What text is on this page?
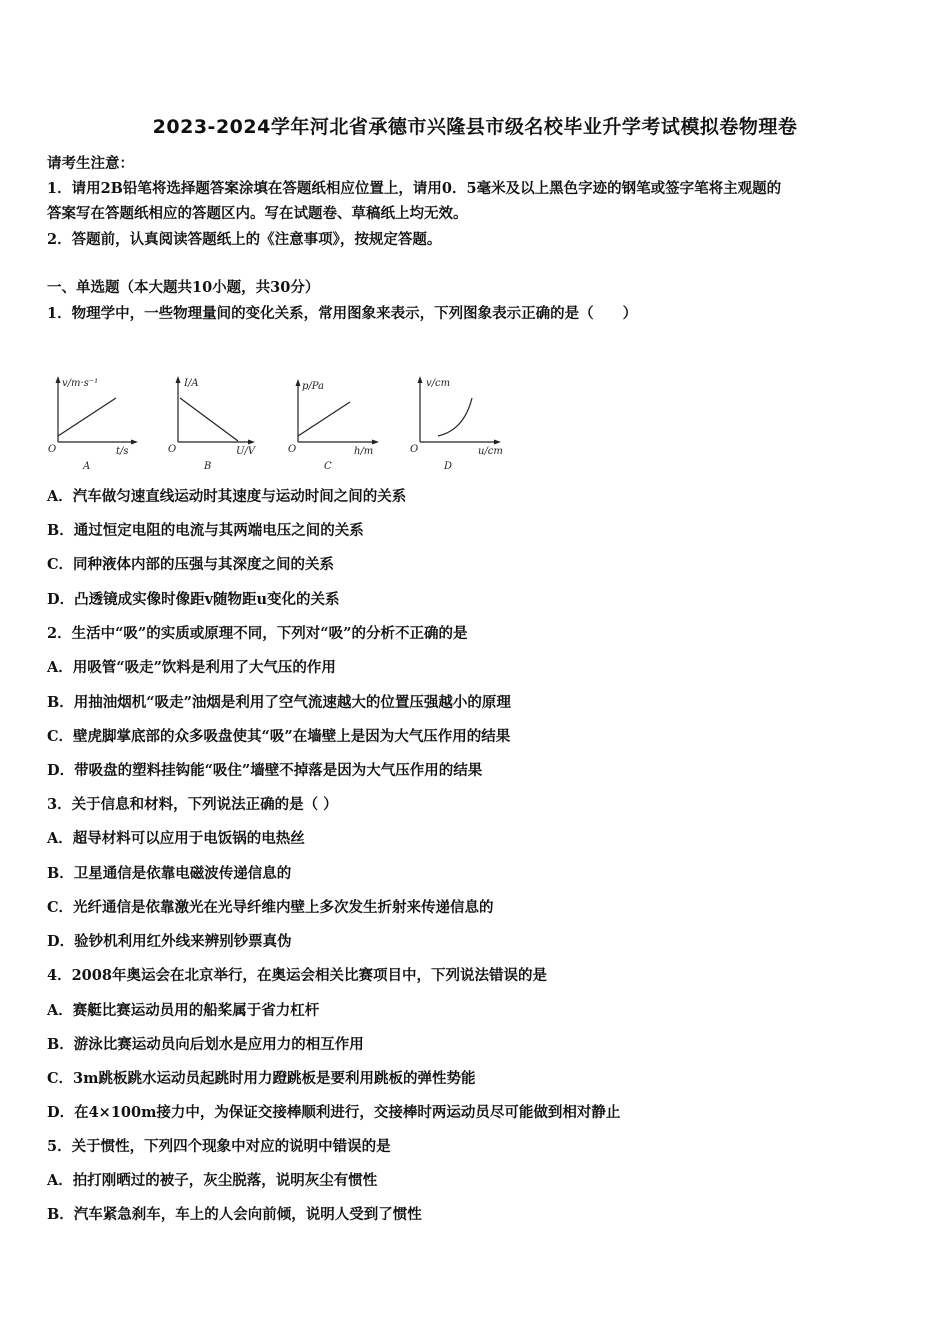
2023-2024学年河北省承德市兴隆县市级名校毕业升学考试模拟卷物理卷
请考生注意：
1．请用2B铅笔将选择题答案涂填在答题纸相应位置上，请用0．5毫米及以上黑色字迹的钢笔或签字笔将主观题的
答案写在答题纸相应的答题区内。写在试题卷、草稿纸上均无效。
2．答题前，认真阅读答题纸上的《注意事项》，按规定答题。
一、单选题（本大题共10小题，共30分）
1．物理学中，一些物理量间的变化关系，常用图象来表示，下列图象表示正确的是（　　）
v/m·s⁻¹
t/s
O
A
I/A
U/V
O
B
p/Pa
h/m
O
C
v/cm
u/cm
O
D
A．汽车做匀速直线运动时其速度与运动时间之间的关系
B．通过恒定电阻的电流与其两端电压之间的关系
C．同种液体内部的压强与其深度之间的关系
D．凸透镜成实像时像距v随物距u变化的关系
2．生活中“吸”的实质或原理不同，下列对“吸”的分析不正确的是
A．用吸管“吸走”饮料是利用了大气压的作用
B．用抽油烟机“吸走”油烟是利用了空气流速越大的位置压强越小的原理
C．壁虎脚掌底部的众多吸盘使其“吸”在墙壁上是因为大气压作用的结果
D．带吸盘的塑料挂钩能“吸住”墙壁不掉落是因为大气压作用的结果
3．关于信息和材料，下列说法正确的是（ ）
A．超导材料可以应用于电饭锅的电热丝
B．卫星通信是依靠电磁波传递信息的
C．光纤通信是依靠激光在光导纤维内壁上多次发生折射来传递信息的
D．验钞机利用红外线来辨别钞票真伪
4．2008年奥运会在北京举行，在奥运会相关比赛项目中，下列说法错误的是
A．赛艇比赛运动员用的船桨属于省力杠杆
B．游泳比赛运动员向后划水是应用力的相互作用
C．3m跳板跳水运动员起跳时用力蹬跳板是要利用跳板的弹性势能
D．在4×100m接力中，为保证交接棒顺利进行，交接棒时两运动员尽可能做到相对静止
5．关于惯性，下列四个现象中对应的说明中错误的是
A．拍打刚晒过的被子，灰尘脱落，说明灰尘有惯性
B．汽车紧急刹车，车上的人会向前倾，说明人受到了惯性
